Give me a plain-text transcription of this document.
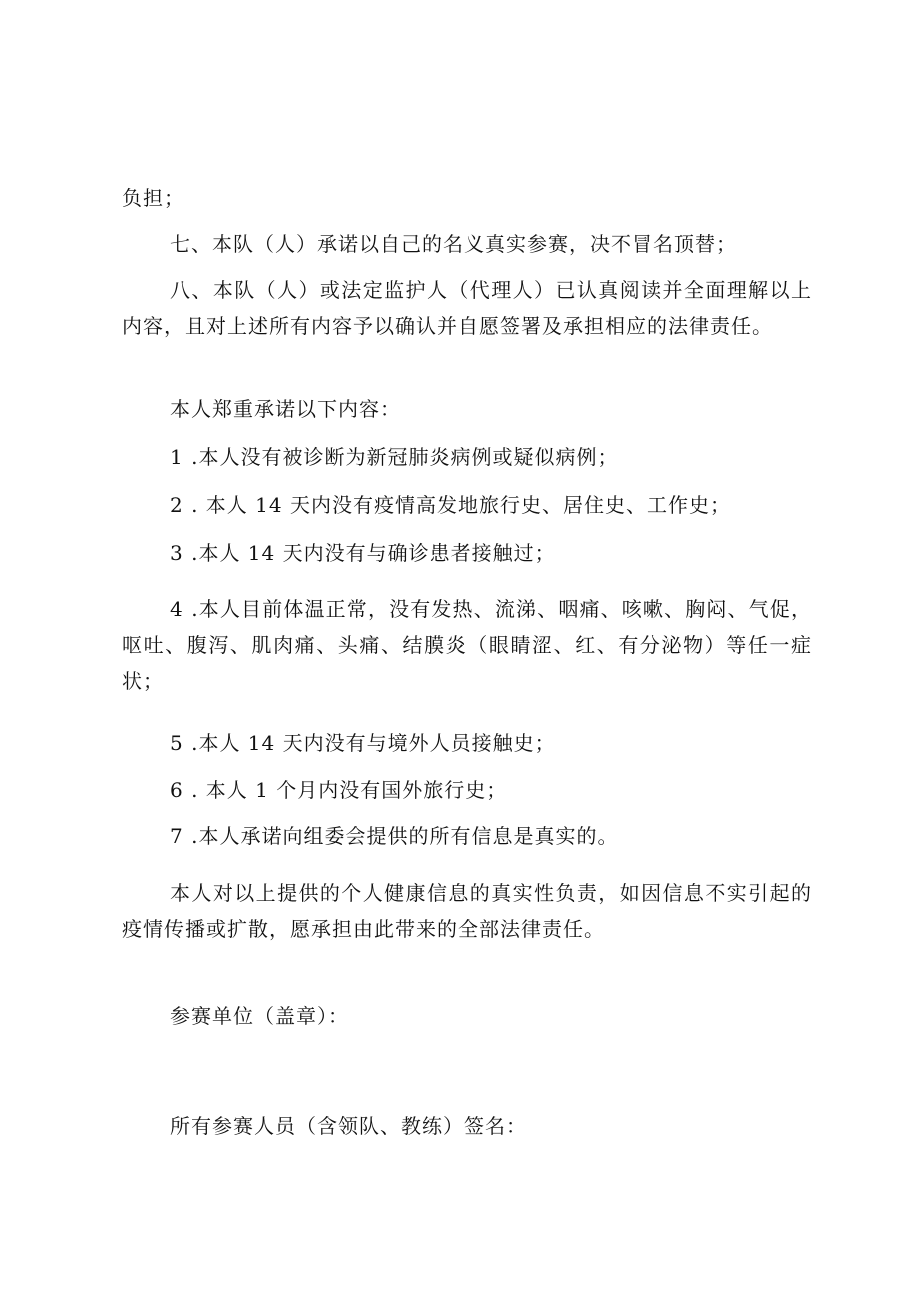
负担；

七、本队（人）承诺以自己的名义真实参赛，决不冒名顶替；

八、本队（人）或法定监护人（代理人）已认真阅读并全面理解以上内容，且对上述所有内容予以确认并自愿签署及承担相应的法律责任。

本人郑重承诺以下内容：

1 .本人没有被诊断为新冠肺炎病例或疑似病例；

2 . 本人 14 天内没有疫情高发地旅行史、居住史、工作史；

3 .本人 14 天内没有与确诊患者接触过；

4 .本人目前体温正常，没有发热、流涕、咽痛、咳嗽、胸闷、气促，呕吐、腹泻、肌肉痛、头痛、结膜炎（眼睛涩、红、有分泌物）等任一症状；

5 .本人 14 天内没有与境外人员接触史；

6 . 本人 1 个月内没有国外旅行史；

7 .本人承诺向组委会提供的所有信息是真实的。

本人对以上提供的个人健康信息的真实性负责，如因信息不实引起的疫情传播或扩散，愿承担由此带来的全部法律责任。

参赛单位（盖章）：

所有参赛人员（含领队、教练）签名：
